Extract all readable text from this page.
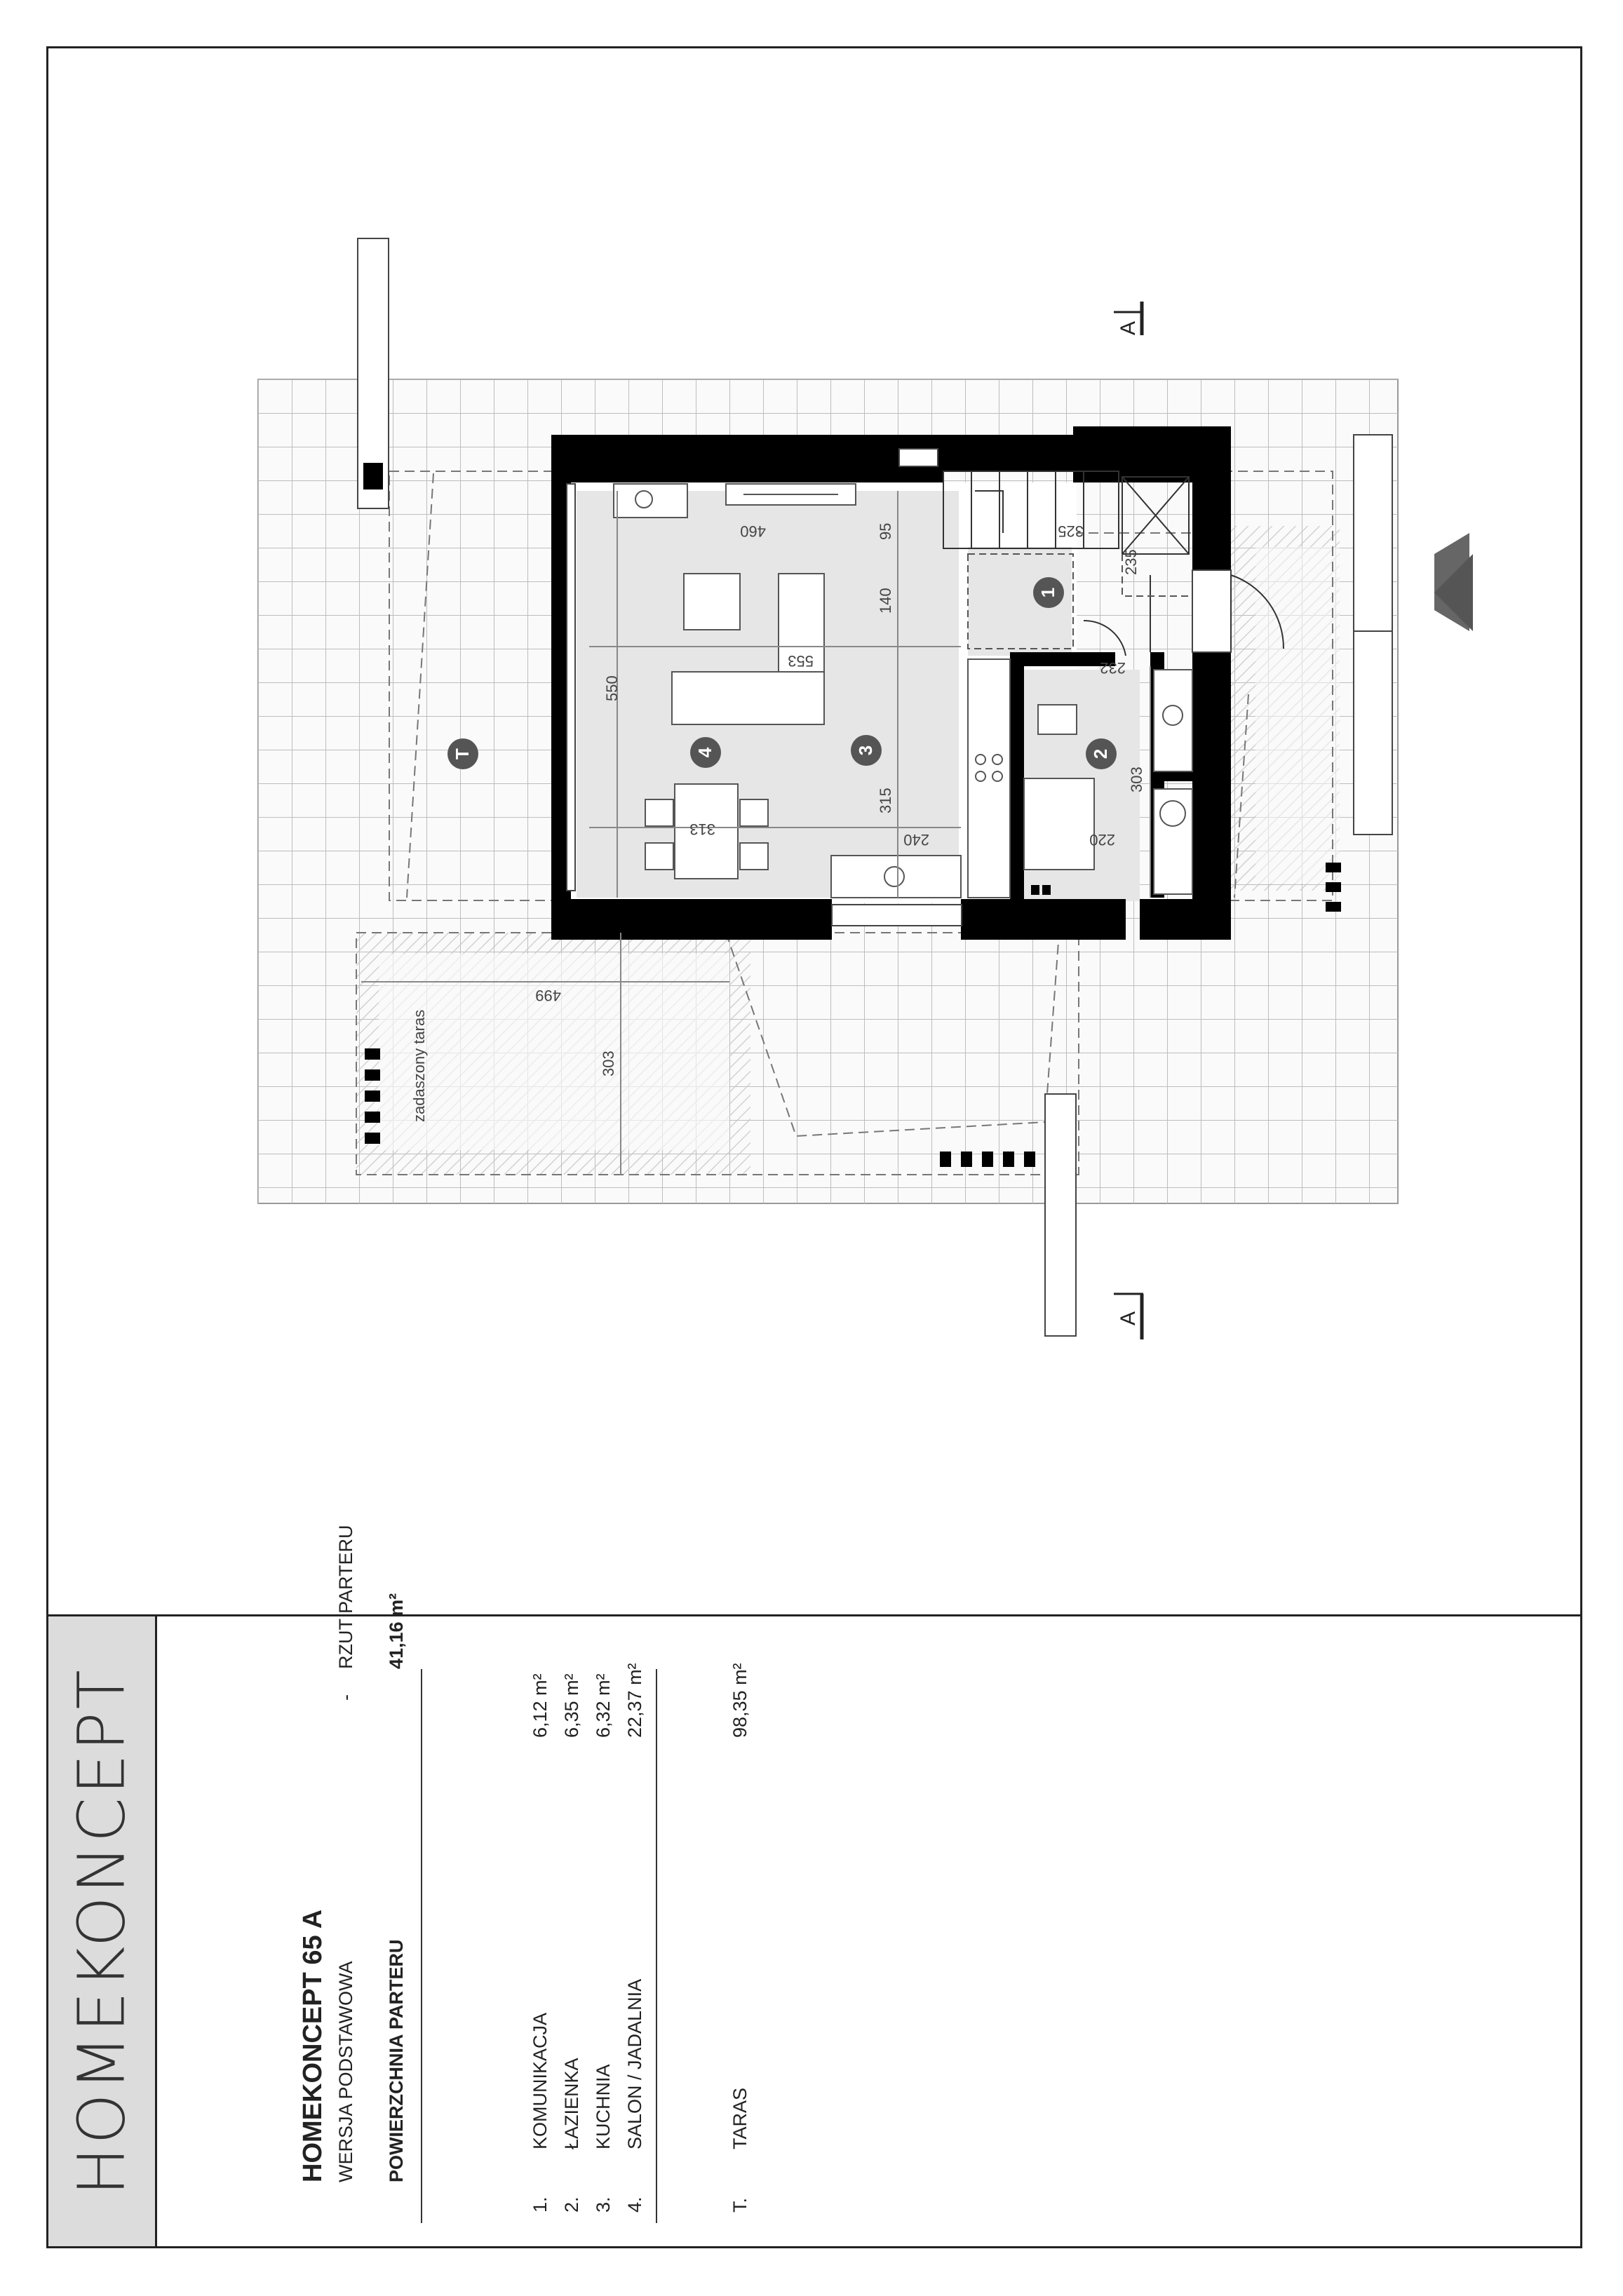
460	95
140
553
550
315
313
240
232
220
303
325
235
499
303
zadaszony taras
1
2
3
4
T
A
A
HOMEKONCEPT	HOMEKONCEPT 65 A WERSJA PODSTAWOWA
-
RZUT PARTERU
POWIERZCHNIA PARTERU
41,16 m²
1.
KOMUNIKACJA
6,12 m²
2.
ŁAZIENKA
6,35 m²
3.
KUCHNIA
6,32 m²
4.
SALON / JADALNIA
22,37 m²
T.
TARAS
98,35 m²
